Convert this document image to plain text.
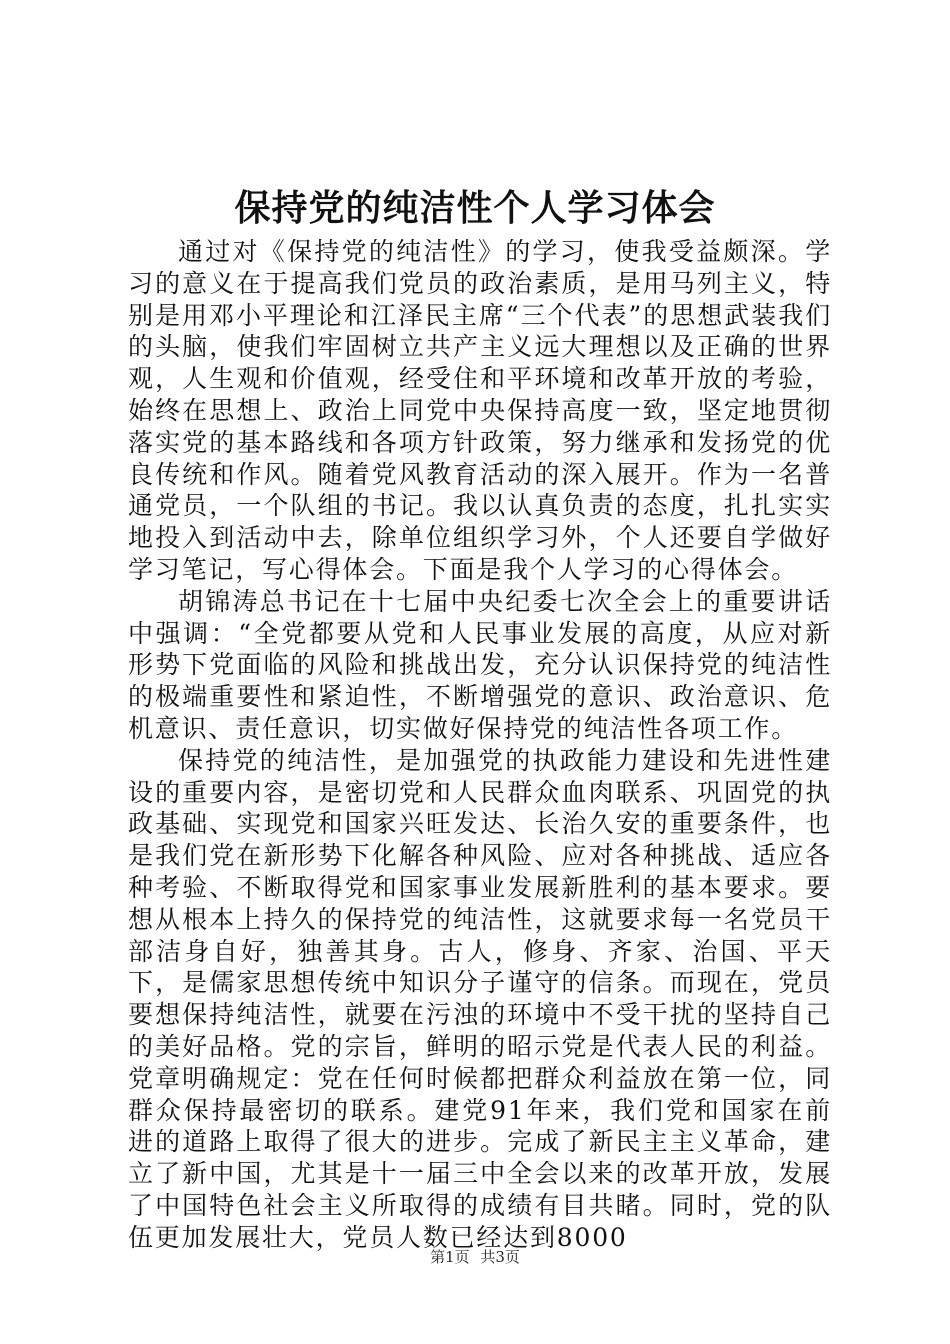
保持党的纯洁性个人学习体会

通过对《保持党的纯洁性》的学习，使我受益颇深。学习的意义在于提高我们党员的政治素质，是用马列主义，特别是用邓小平理论和江泽民主席“三个代表”的思想武装我们的头脑，使我们牢固树立共产主义远大理想以及正确的世界观，人生观和价值观，经受住和平环境和改革开放的考验，始终在思想上、政治上同党中央保持高度一致，坚定地贯彻落实党的基本路线和各项方针政策，努力继承和发扬党的优良传统和作风。随着党风教育活动的深入展开。作为一名普通党员，一个队组的书记。我以认真负责的态度，扎扎实实地投入到活动中去，除单位组织学习外，个人还要自学做好学习笔记，写心得体会。下面是我个人学习的心得体会。

胡锦涛总书记在十七届中央纪委七次全会上的重要讲话中强调：“全党都要从党和人民事业发展的高度，从应对新形势下党面临的风险和挑战出发，充分认识保持党的纯洁性的极端重要性和紧迫性，不断增强党的意识、政治意识、危机意识、责任意识，切实做好保持党的纯洁性各项工作。

保持党的纯洁性，是加强党的执政能力建设和先进性建设的重要内容，是密切党和人民群众血肉联系、巩固党的执政基础、实现党和国家兴旺发达、长治久安的重要条件，也是我们党在新形势下化解各种风险、应对各种挑战、适应各种考验、不断取得党和国家事业发展新胜利的基本要求。要想从根本上持久的保持党的纯洁性，这就要求每一名党员干部洁身自好，独善其身。古人，修身、齐家、治国、平天下，是儒家思想传统中知识分子谨守的信条。而现在，党员要想保持纯洁性，就要在污浊的环境中不受干扰的坚持自己的美好品格。党的宗旨，鲜明的昭示党是代表人民的利益。党章明确规定：党在任何时候都把群众利益放在第一位，同群众保持最密切的联系。建党91年来，我们党和国家在前进的道路上取得了很大的进步。完成了新民主主义革命，建立了新中国，尤其是十一届三中全会以来的改革开放，发展了中国特色社会主义所取得的成绩有目共睹。同时，党的队伍更加发展壮大，党员人数已经达到8000

第1页 共3页
